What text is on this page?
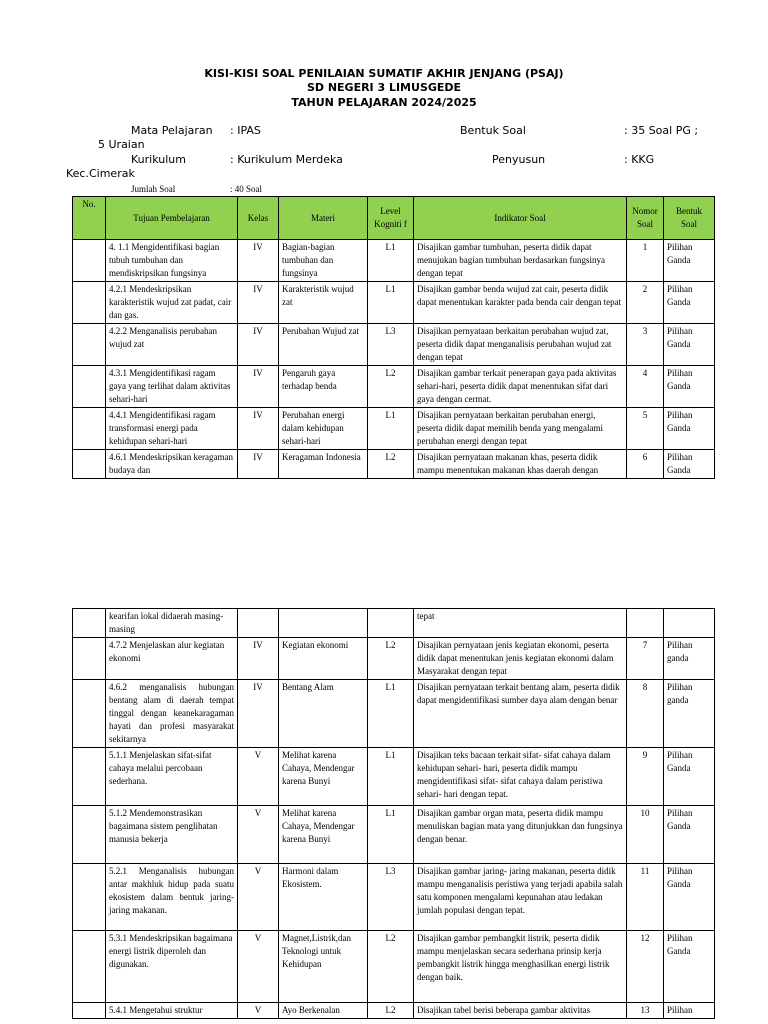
KISI-KISI SOAL PENILAIAN SUMATIF AKHIR JENJANG (PSAJ)
SD NEGERI 3 LIMUSGEDE
TAHUN PELAJARAN 2024/2025
Mata Pelajaran : IPAS	Bentuk Soal	: 35 Soal PG ;
5 Uraian
Kurikulum	: Kurikulum Merdeka	Penyusun	: KKG
Kec.Cimerak
Jumlah Soal	: 40 Soal
No.	Tujuan Pembelajaran	Kelas	Materi	Level Kogniti f	Indikator Soal	Nomor Soal	Bentuk Soal
	4. 1.1 Mengidentifikasi bagian tubuh tumbuhan dan mendiskripsikan fungsinya	IV	Bagian-bagian tumbuhan dan fungsinya	L1	Disajikan gambar tumbuhan, peserta didik dapat menujukan bagian tumbuhan berdasarkan fungsinya dengan tepat	1	Pilihan Ganda
	4.2.1 Mendeskripsikan karakteristik wujud zat padat, cair dan gas.	IV	Karakteristik wujud zat	L1	Disajikan gambar benda wujud zat cair, peserta didik dapat menentukan karakter pada benda cair dengan tepat	2	Pilihan Ganda
	4.2.2 Menganalisis perubahan wujud zat	IV	Perubahan Wujud zat	L3	Disajikan pernyataan berkaitan perubahan wujud zat, peserta didik dapat menganalisis perubahan wujud zat dengan tepat	3	Pilihan Ganda
	4.3.1 Mengidentifikasi ragam gaya yang terlihat dalam aktivitas sehari-hari	IV	Pengaruh gaya terhadap benda	L2	Disajikan gambar terkait penerapan gaya pada aktivitas sehari-hari, peserta didik dapat menentukan sifat dari gaya dengan cermat.	4	Pilihan Ganda
	4.4.1 Mengidentifikasi ragam transformasi energi pada kehidupan sehari-hari	IV	Perubahan energi dalam kehidupan sehari-hari	L1	Disajikan pernyataan berkaitan perubahan energi, peserta didik dapat memilih benda yang mengalami perubahan energi dengan tepat	5	Pilihan Ganda
	4.6.1 Mendeskripsikan keragaman budaya dan	IV	Keragaman Indonesia	L2	Disajikan pernyataan makanan khas, peserta didik mampu menentukan makanan khas daerah dengan	6	Pilihan Ganda
	kearifan lokal didaerah masing-masing				tepat		
	4.7.2 Menjelaskan alur kegiatan ekonomi	IV	Kegiatan ekonomi	L2	Disajikan pernyataan jenis kegiatan ekonomi, peserta didik dapat menentukan jenis kegiatan ekonomi dalam Masyarakat dengan tepat	7	Pilihan ganda
	4.6.2 menganalisis hubungan bentang alam di daerah tempat tinggal dengan keanekaragaman hayati dan profesi masyarakat sekitarnya	IV	Bentang Alam	L1	Disajikan pernyataan terkait bentang alam, peserta didik dapat mengidentifikasi sumber daya alam dengan benar	8	Pilihan ganda
	5.1.1 Menjelaskan sifat-sifat cahaya melalui percobaan sederhana.	V	Melihat karena Cahaya, Mendengar karena Bunyi	L1	Disajikan teks bacaan terkait sifat- sifat cahaya dalam kehidupan sehari- hari, peserta didik mampu mengidentifikasi sifat- sifat cahaya dalam peristiwa sehari- hari dengan tepat.	9	Pilihan Ganda
	5.1.2 Mendemonstrasikan bagaimana sistem penglihatan manusia bekerja	V	Melihat karena Cahaya, Mendengar karena Bunyi	L1	Disajikan gambar organ mata, peserta didik mampu menuliskan bagian mata yang ditunjukkan dan fungsinya dengan benar.	10	Pilihan Ganda
	5.2.1 Menganalisis hubungan antar makhluk hidup pada suatu ekosistem dalam bentuk jaring-jaring makanan.	V	Harmoni dalam Ekosistem.	L3	Disajikan gambar jaring- jaring makanan, peserta didik mampu menganalisis peristiwa yang terjadi apabila salah satu komponen mengalami kepunahan atau ledakan jumlah populasi dengan tepat.	11	Pilihan Ganda
	5.3.1 Mendeskripsikan bagaimana energi listrik diperoleh dan digunakan.	V	Magnet,Listrik,dan Teknologi untuk Kehidupan	L2	Disajikan gambar pembangkit listrik, peserta didik mampu menjelaskan secara sederhana prinsip kerja pembangkit listrik hingga menghasilkan energi listrik dengan baik.	12	Pilihan Ganda
	5.4.1 Mengetahui struktur	V	Ayo Berkenalan	L2	Disajikan tabel berisi beberapa gambar aktivitas	13	Pilihan
